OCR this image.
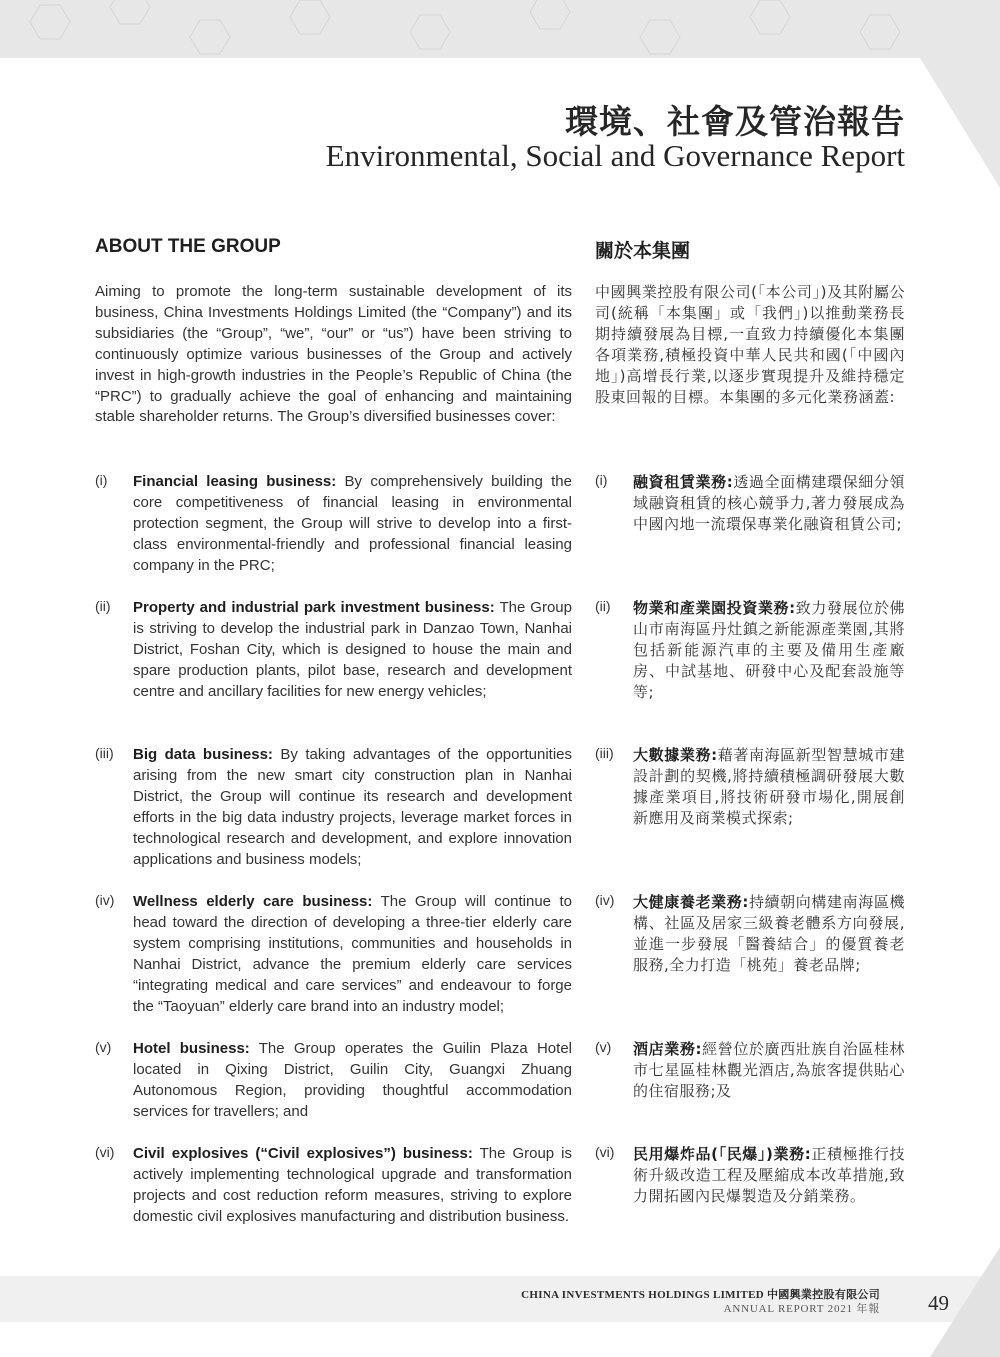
環境、社會及管治報告
Environmental, Social and Governance Report
ABOUT THE GROUP

Aiming to promote the long-term sustainable development of its business, China Investments Holdings Limited (the “Company”) and its subsidiaries (the “Group”, “we”, “our” or “us”) have been striving to continuously optimize various businesses of the Group and actively invest in high-growth industries in the People’s Republic of China (the “PRC”) to gradually achieve the goal of enhancing and maintaining stable shareholder returns. The Group’s diversified businesses cover:

(i) Financial leasing business: By comprehensively building the core competitiveness of financial leasing in environmental protection segment, the Group will strive to develop into a first-class environmental-friendly and professional financial leasing company in the PRC;

(ii) Property and industrial park investment business: The Group is striving to develop the industrial park in Danzao Town, Nanhai District, Foshan City, which is designed to house the main and spare production plants, pilot base, research and development centre and ancillary facilities for new energy vehicles;

(iii) Big data business: By taking advantages of the opportunities arising from the new smart city construction plan in Nanhai District, the Group will continue its research and development efforts in the big data industry projects, leverage market forces in technological research and development, and explore innovation applications and business models;

(iv) Wellness elderly care business: The Group will continue to head toward the direction of developing a three-tier elderly care system comprising institutions, communities and households in Nanhai District, advance the premium elderly care services “integrating medical and care services” and endeavour to forge the “Taoyuan” elderly care brand into an industry model;

(v) Hotel business: The Group operates the Guilin Plaza Hotel located in Qixing District, Guilin City, Guangxi Zhuang Autonomous Region, providing thoughtful accommodation services for travellers; and

(vi) Civil explosives (“Civil explosives”) business: The Group is actively implementing technological upgrade and transformation projects and cost reduction reform measures, striving to explore domestic civil explosives manufacturing and distribution business.

關於本集團

中國興業控股有限公司(「本公司」)及其附屬公司(統稱「本集團」或「我們」)以推動業務長期持續發展為目標,一直致力持續優化本集團各項業務,積極投資中華人民共和國(「中國內地」)高增長行業,以逐步實現提升及維持穩定股東回報的目標。本集團的多元化業務涵蓋:

(i) 融資租賃業務:透過全面構建環保細分領域融資租賃的核心競爭力,著力發展成為中國內地一流環保專業化融資租賃公司;

(ii) 物業和產業園投資業務:致力發展位於佛山市南海區丹灶鎮之新能源產業園,其將包括新能源汽車的主要及備用生產廠房、中試基地、研發中心及配套設施等等;

(iii) 大數據業務:藉著南海區新型智慧城市建設計劃的契機,將持續積極調研發展大數據產業項目,將技術研發市場化,開展創新應用及商業模式探索;

(iv) 大健康養老業務:持續朝向構建南海區機構、社區及居家三級養老體系方向發展,並進一步發展「醫養結合」的優質養老服務,全力打造「桃苑」養老品牌;

(v) 酒店業務:經營位於廣西壯族自治區桂林市七星區桂林觀光酒店,為旅客提供貼心的住宿服務;及

(vi) 民用爆炸品(「民爆」)業務:正積極推行技術升級改造工程及壓縮成本改革措施,致力開拓國內民爆製造及分銷業務。

CHINA INVESTMENTS HOLDINGS LIMITED 中國興業控股有限公司
ANNUAL REPORT 2021 年報 49
